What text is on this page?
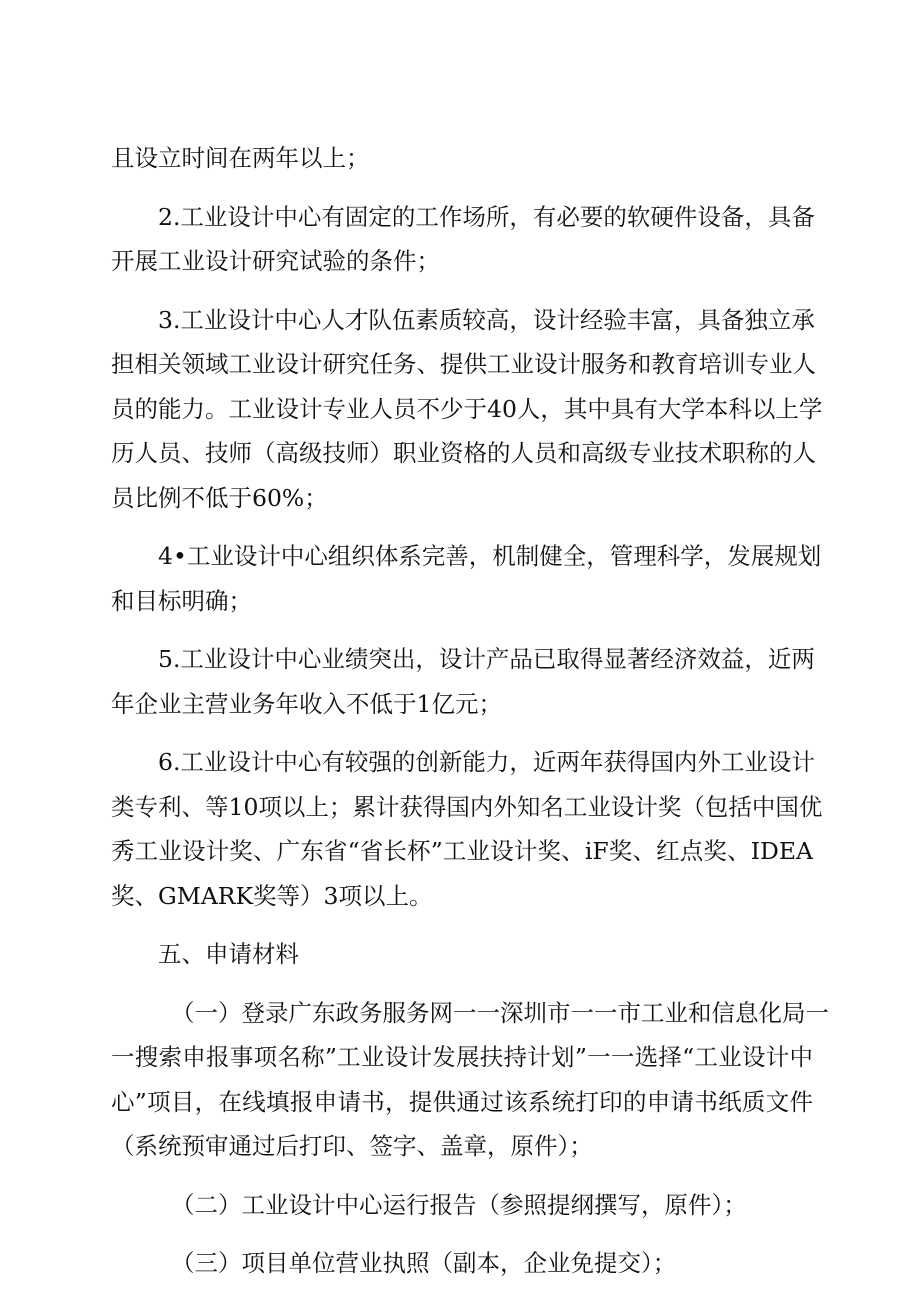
且设立时间在两年以上；
2.工业设计中心有固定的工作场所，有必要的软硬件设备，具备
开展工业设计研究试验的条件；
3.工业设计中心人才队伍素质较高，设计经验丰富，具备独立承
担相关领域工业设计研究任务、提供工业设计服务和教育培训专业人
员的能力。工业设计专业人员不少于40人，其中具有大学本科以上学
历人员、技师（高级技师）职业资格的人员和高级专业技术职称的人
员比例不低于60%；
4•工业设计中心组织体系完善，机制健全，管理科学，发展规划
和目标明确；
5.工业设计中心业绩突出，设计产品已取得显著经济效益，近两
年企业主营业务年收入不低于1亿元；
6.工业设计中心有较强的创新能力，近两年获得国内外工业设计
类专利、等10项以上；累计获得国内外知名工业设计奖（包括中国优
秀工业设计奖、广东省“省长杯”工业设计奖、iF奖、红点奖、IDEA
奖、GMARK奖等）3项以上。
五、申请材料
（一）登录广东政务服务网一一深圳市一一市工业和信息化局一
一搜索申报事项名称”工业设计发展扶持计划”一一选择“工业设计中
心”项目，在线填报申请书，提供通过该系统打印的申请书纸质文件
（系统预审通过后打印、签字、盖章，原件）；
（二）工业设计中心运行报告（参照提纲撰写，原件）；
（三）项目单位营业执照（副本，企业免提交）；
